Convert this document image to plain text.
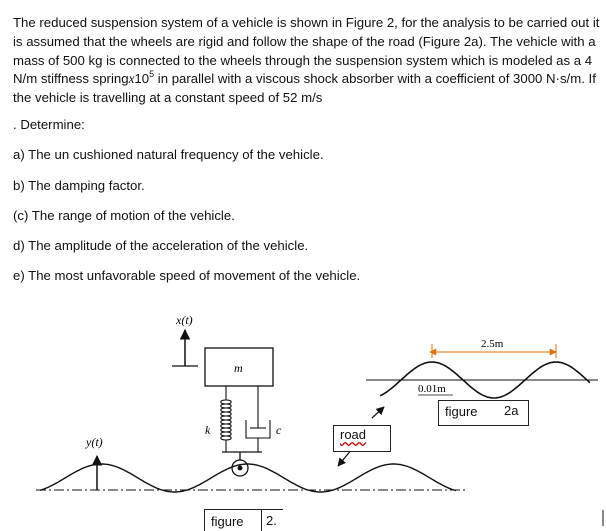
The reduced suspension system of a vehicle is shown in Figure 2, for the analysis to be carried out it is assumed that the wheels are rigid and follow the shape of the road (Figure 2a). The vehicle with a mass of 500 kg is connected to the wheels through the suspension system which is modeled as a 4 N/m stiffness $springx10^5$ in parallel with a viscous shock absorber with a coefficient of 3000 N·s/m. If the vehicle is travelling at a constant speed of 52 m/s

. Determine:

a) The un cushioned natural frequency of the vehicle.

b) The damping factor.

(c) The range of motion of the vehicle.

d) The amplitude of the acceleration of the vehicle.

e) The most unfavorable speed of movement of the vehicle.

x(t)
m
k	c
y(t)
2.5m
0.01m
road
figure	2a
figure	2.
